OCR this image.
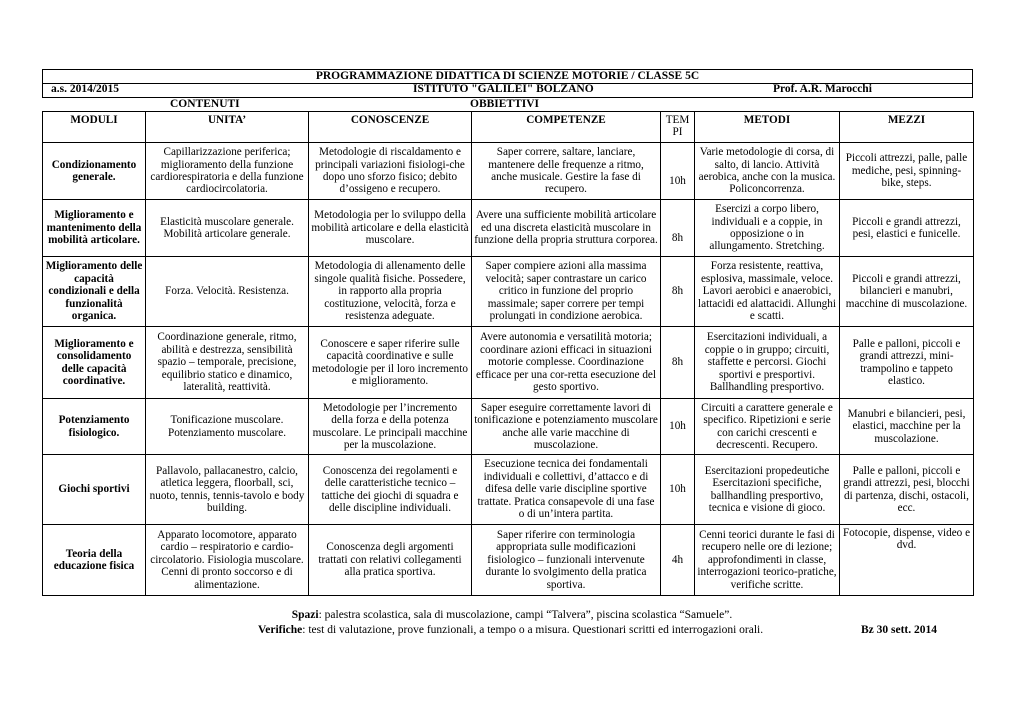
PROGRAMMAZIONE DIDATTICA DI SCIENZE MOTORIE / CLASSE 5C
a.s. 2014/2015	ISTITUTO "GALILEI" BOLZANO	Prof. A.R. Marocchi
CONTENUTI	OBBIETTIVI
MODULI	UNITA’	CONOSCENZE	COMPETENZE	TEM PI	METODI	MEZZI
Condizionamento generale.	Capillarizzazione periferica; miglioramento della funzione cardiorespiratoria e della funzione cardiocircolatoria.	Metodologie di riscaldamento e principali variazioni fisiologi-che dopo uno sforzo fisico; debito d’ossigeno e recupero.	Saper correre, saltare, lanciare, mantenere delle frequenze a ritmo, anche musicale. Gestire la fase di recupero.	10h	Varie metodologie di corsa, di salto, di lancio. Attività aerobica, anche con la musica. Policoncorrenza.	Piccoli attrezzi, palle, palle mediche, pesi, spinning-bike, steps.
Miglioramento e mantenimento della mobilità articolare.	Elasticità muscolare generale. Mobilità articolare generale.	Metodologia per lo sviluppo della mobilità articolare e della elasticità muscolare.	Avere una sufficiente mobilità articolare ed una discreta elasticità muscolare in funzione della propria struttura corporea.	8h	Esercizi a corpo libero, individuali e a coppie, in opposizione o in allungamento. Stretching.	Piccoli e grandi attrezzi, pesi, elastici e funicelle.
Miglioramento delle capacità condizionali e della funzionalità organica.	Forza. Velocità. Resistenza.	Metodologia di allenamento delle singole qualità fisiche. Possedere, in rapporto alla propria costituzione, velocità, forza e resistenza adeguate.	Saper compiere azioni alla massima velocità; saper contrastare un carico critico in funzione del proprio massimale; saper correre per tempi prolungati in condizione aerobica.	8h	Forza resistente, reattiva, esplosiva, massimale, veloce. Lavori aerobici e anaerobici, lattacidi ed alattacidi. Allunghi e scatti.	Piccoli e grandi attrezzi, bilancieri e manubri, macchine di muscolazione.
Miglioramento e consolidamento delle capacità coordinative.	Coordinazione generale, ritmo, abilità e destrezza, sensibilità spazio – temporale, precisione, equilibrio statico e dinamico, lateralità, reattività.	Conoscere e saper riferire sulle capacità coordinative e sulle metodologie per il loro incremento e miglioramento.	Avere autonomia e versatilità motoria; coordinare azioni efficaci in situazioni motorie complesse. Coordinazione efficace per una cor-retta esecuzione del gesto sportivo.	8h	Esercitazioni individuali, a coppie o in gruppo; circuiti, staffette e percorsi. Giochi sportivi e presportivi. Ballhandling presportivo.	Palle e palloni, piccoli e grandi attrezzi, mini-trampolino e tappeto elastico.
Potenziamento fisiologico.	Tonificazione muscolare. Potenziamento muscolare.	Metodologie per l’incremento della forza e della potenza muscolare. Le principali macchine per la muscolazione.	Saper eseguire correttamente lavori di tonificazione e potenziamento muscolare anche alle varie macchine di muscolazione.	10h	Circuiti a carattere generale e specifico. Ripetizioni e serie con carichi crescenti e decrescenti. Recupero.	Manubri e bilancieri, pesi, elastici, macchine per la muscolazione.
Giochi sportivi	Pallavolo, pallacanestro, calcio, atletica leggera, floorball, sci, nuoto, tennis, tennis-tavolo e body building.	Conoscenza dei regolamenti e delle caratteristiche tecnico – tattiche dei giochi di squadra e delle discipline individuali.	Esecuzione tecnica dei fondamentali individuali e collettivi, d’attacco e di difesa delle varie discipline sportive trattate. Pratica consapevole di una fase o di un’intera partita.	10h	Esercitazioni propedeutiche Esercitazioni specifiche, ballhandling presportivo, tecnica e visione di gioco.	Palle e palloni, piccoli e grandi attrezzi, pesi, blocchi di partenza, dischi, ostacoli, ecc.
Teoria della educazione fisica	Apparato locomotore, apparato cardio – respiratorio e cardio-circolatorio. Fisiologia muscolare. Cenni di pronto soccorso e di alimentazione.	Conoscenza degli argomenti trattati con relativi collegamenti alla pratica sportiva.	Saper riferire con terminologia appropriata sulle modificazioni fisiologico – funzionali intervenute durante lo svolgimento della pratica sportiva.	4h	Cenni teorici durante le fasi di recupero nelle ore di lezione; approfondimenti in classe, interrogazioni teorico-pratiche, verifiche scritte.	Fotocopie, dispense, video e dvd.
Spazi: palestra scolastica, sala di muscolazione, campi “Talvera”, piscina scolastica “Samuele”.
Verifiche: test di valutazione, prove funzionali, a tempo o a misura. Questionari scritti ed interrogazioni orali.	Bz 30 sett. 2014
